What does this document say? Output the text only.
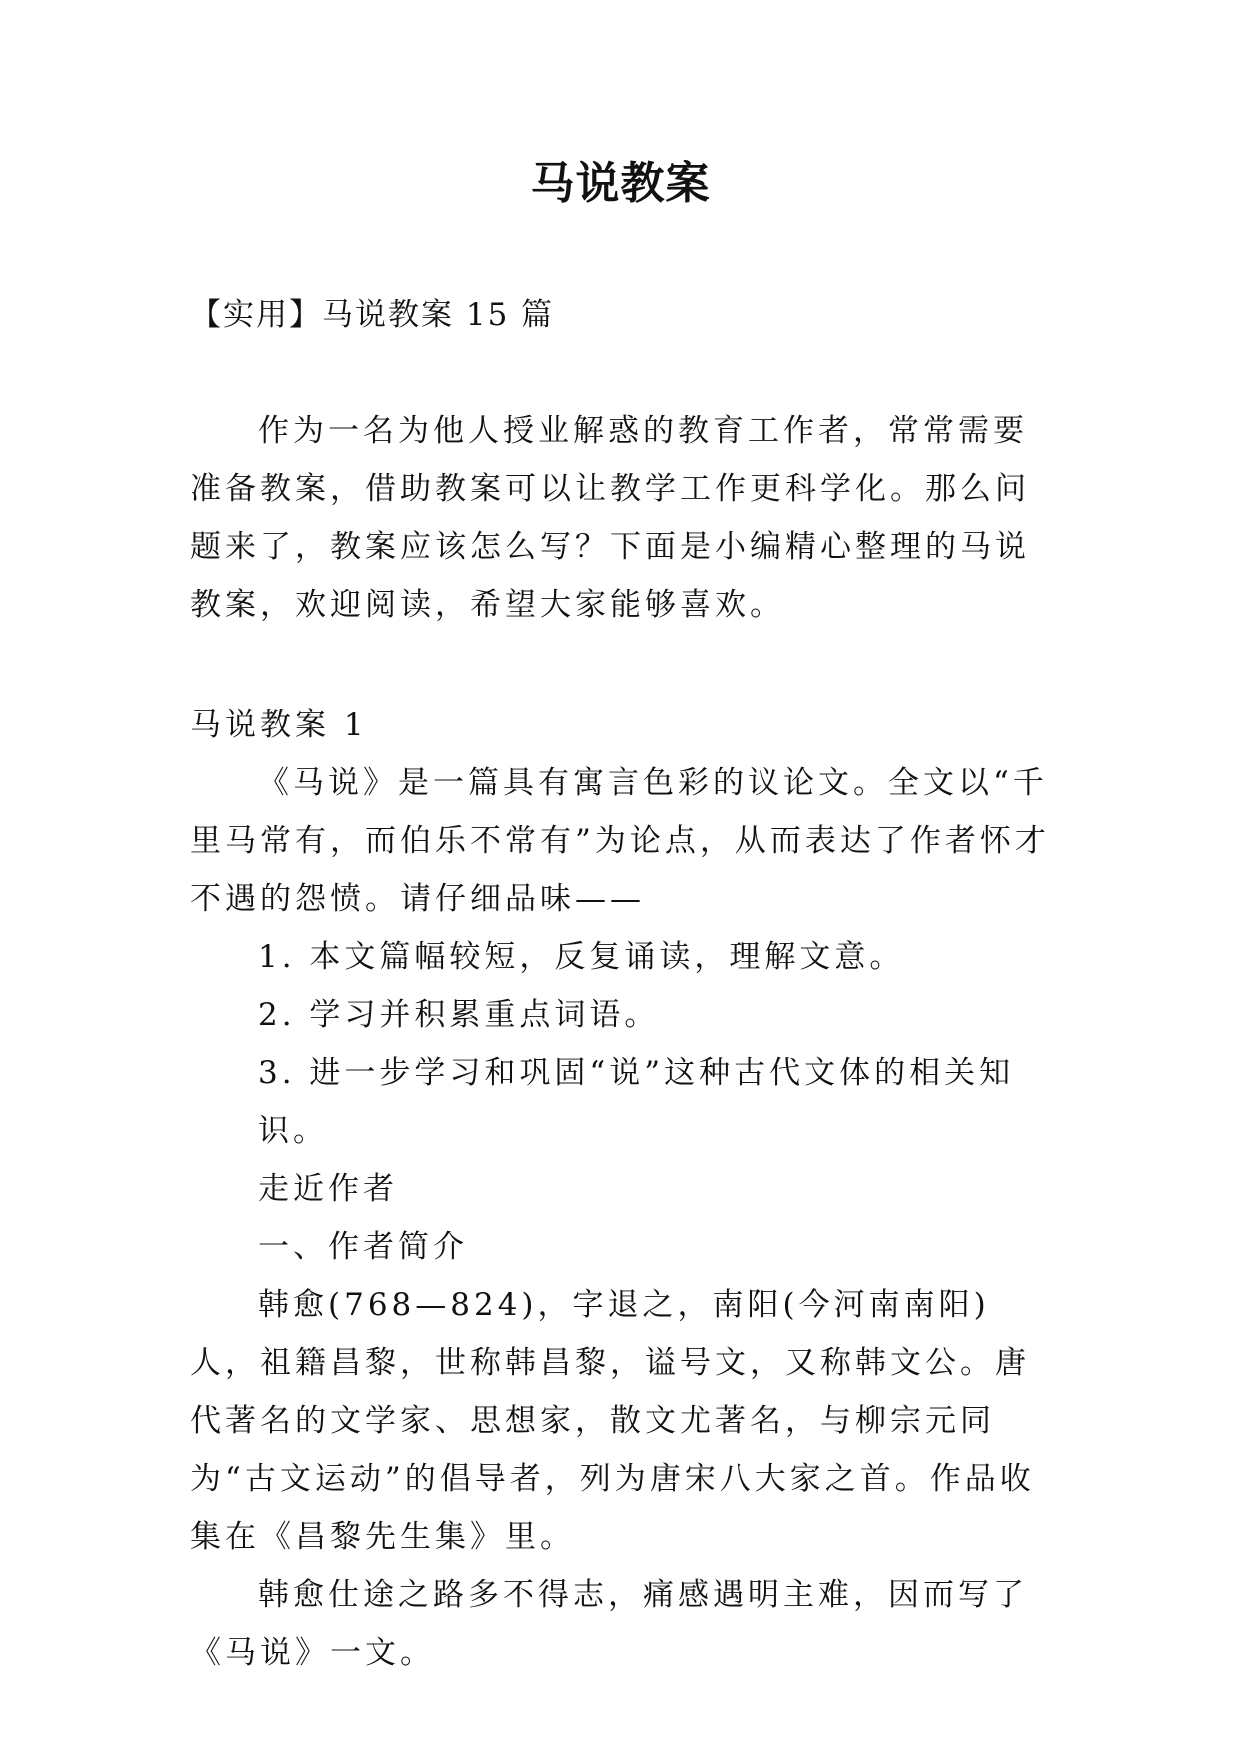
马说教案

【实用】马说教案 15 篇

作为一名为他人授业解惑的教育工作者，常常需要准备教案，借助教案可以让教学工作更科学化。那么问题来了，教案应该怎么写？下面是小编精心整理的马说教案，欢迎阅读，希望大家能够喜欢。

马说教案 1

《马说》是一篇具有寓言色彩的议论文。全文以“千里马常有，而伯乐不常有”为论点，从而表达了作者怀才不遇的怨愤。请仔细品味——

1. 本文篇幅较短，反复诵读，理解文意。

2. 学习并积累重点词语。

3. 进一步学习和巩固“说”这种古代文体的相关知识。

走近作者

一、作者简介

韩愈(768—824)，字退之，南阳(今河南南阳)人，祖籍昌黎，世称韩昌黎，谥号文，又称韩文公。唐代著名的文学家、思想家，散文尤著名，与柳宗元同为“古文运动”的倡导者，列为唐宋八大家之首。作品收集在《昌黎先生集》里。

韩愈仕途之路多不得志，痛感遇明主难，因而写了《马说》一文。
